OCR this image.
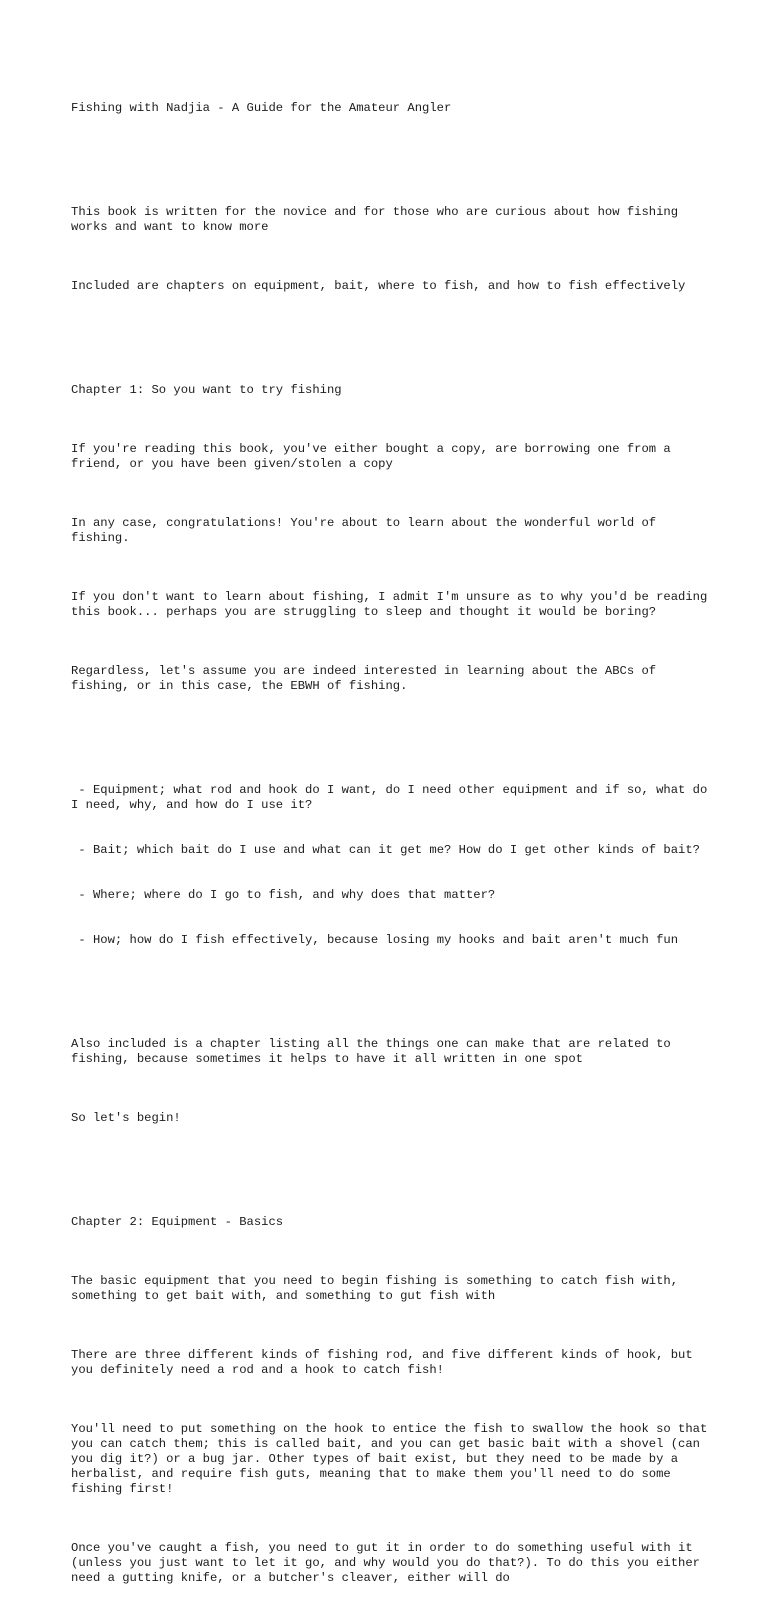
Fishing with Nadjia - A Guide for the Amateur Angler

This book is written for the novice and for those who are curious about how fishing works and want to know more

Included are chapters on equipment, bait, where to fish, and how to fish effectively

Chapter 1: So you want to try fishing

If you're reading this book, you've either bought a copy, are borrowing one from a friend, or you have been given/stolen a copy

In any case, congratulations! You're about to learn about the wonderful world of fishing.

If you don't want to learn about fishing, I admit I'm unsure as to why you'd be reading this book... perhaps you are struggling to sleep and thought it would be boring?

Regardless, let's assume you are indeed interested in learning about the ABCs of fishing, or in this case, the EBWH of fishing.

- Equipment; what rod and hook do I want, do I need other equipment and if so, what do I need, why, and how do I use it?

- Bait; which bait do I use and what can it get me? How do I get other kinds of bait?

- Where; where do I go to fish, and why does that matter?

- How; how do I fish effectively, because losing my hooks and bait aren't much fun

Also included is a chapter listing all the things one can make that are related to fishing, because sometimes it helps to have it all written in one spot

So let's begin!

Chapter 2: Equipment - Basics

The basic equipment that you need to begin fishing is something to catch fish with, something to get bait with, and something to gut fish with

There are three different kinds of fishing rod, and five different kinds of hook, but you definitely need a rod and a hook to catch fish!

You'll need to put something on the hook to entice the fish to swallow the hook so that you can catch them; this is called bait, and you can get basic bait with a shovel (can you dig it?) or a bug jar. Other types of bait exist, but they need to be made by a herbalist, and require fish guts, meaning that to make them you'll need to do some fishing first!

Once you've caught a fish, you need to gut it in order to do something useful with it (unless you just want to let it go, and why would you do that?). To do this you either need a gutting knife, or a butcher's cleaver, either will do
